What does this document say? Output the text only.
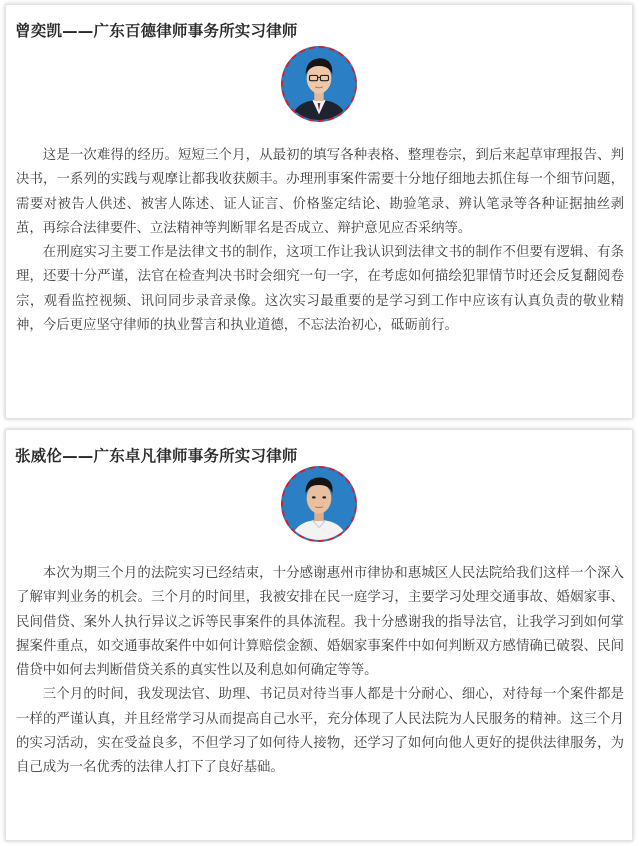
曾奕凯——广东百德律师事务所实习律师

这是一次难得的经历。短短三个月，从最初的填写各种表格、整理卷宗，到后来起草审理报告、判决书，一系列的实践与观摩让都我收获颇丰。办理刑事案件需要十分地仔细地去抓住每一个细节问题，需要对被告人供述、被害人陈述、证人证言、价格鉴定结论、勘验笔录、辨认笔录等各种证据抽丝剥茧，再综合法律要件、立法精神等判断罪名是否成立、辩护意见应否采纳等。

在刑庭实习主要工作是法律文书的制作，这项工作让我认识到法律文书的制作不但要有逻辑、有条理，还要十分严谨，法官在检查判决书时会细究一句一字，在考虑如何描绘犯罪情节时还会反复翻阅卷宗，观看监控视频、讯问同步录音录像。这次实习最重要的是学习到工作中应该有认真负责的敬业精神，今后更应坚守律师的执业誓言和执业道德，不忘法治初心，砥砺前行。

张威伦——广东卓凡律师事务所实习律师

本次为期三个月的法院实习已经结束，十分感谢惠州市律协和惠城区人民法院给我们这样一个深入了解审判业务的机会。三个月的时间里，我被安排在民一庭学习，主要学习处理交通事故、婚姻家事、民间借贷、案外人执行异议之诉等民事案件的具体流程。我十分感谢我的指导法官，让我学习到如何掌握案件重点，如交通事故案件中如何计算赔偿金额、婚姻家事案件中如何判断双方感情确已破裂、民间借贷中如何去判断借贷关系的真实性以及利息如何确定等等。

三个月的时间，我发现法官、助理、书记员对待当事人都是十分耐心、细心，对待每一个案件都是一样的严谨认真，并且经常学习从而提高自己水平，充分体现了人民法院为人民服务的精神。这三个月的实习活动，实在受益良多，不但学习了如何待人接物，还学习了如何向他人更好的提供法律服务，为自己成为一名优秀的法律人打下了良好基础。
